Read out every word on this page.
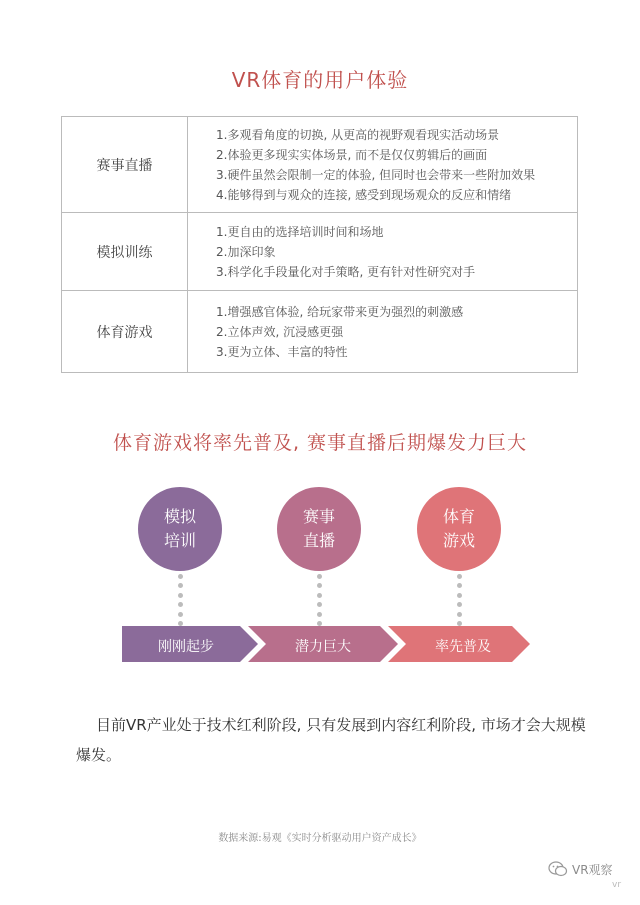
VR体育的用户体验
赛事直播	1.多观看角度的切换, 从更高的视野观看现实活动场景
2.体验更多现实实体场景, 而不是仅仅剪辑后的画面
3.硬件虽然会限制一定的体验, 但同时也会带来一些附加效果
4.能够得到与观众的连接, 感受到现场观众的反应和情绪

模拟训练	1.更自由的选择培训时间和场地
2.加深印象
3.科学化手段量化对手策略, 更有针对性研究对手

体育游戏	1.增强感官体验, 给玩家带来更为强烈的刺激感
2.立体声效, 沉浸感更强
3.更为立体、丰富的特性
体育游戏将率先普及, 赛事直播后期爆发力巨大
模拟
培训
赛事
直播
体育
游戏
刚刚起步	潜力巨大	率先普及
目前VR产业处于技术红利阶段, 只有发展到内容红利阶段, 市场才会大规模
爆发。
数据来源:易观《实时分析驱动用户资产成长》
VR观察
vr
